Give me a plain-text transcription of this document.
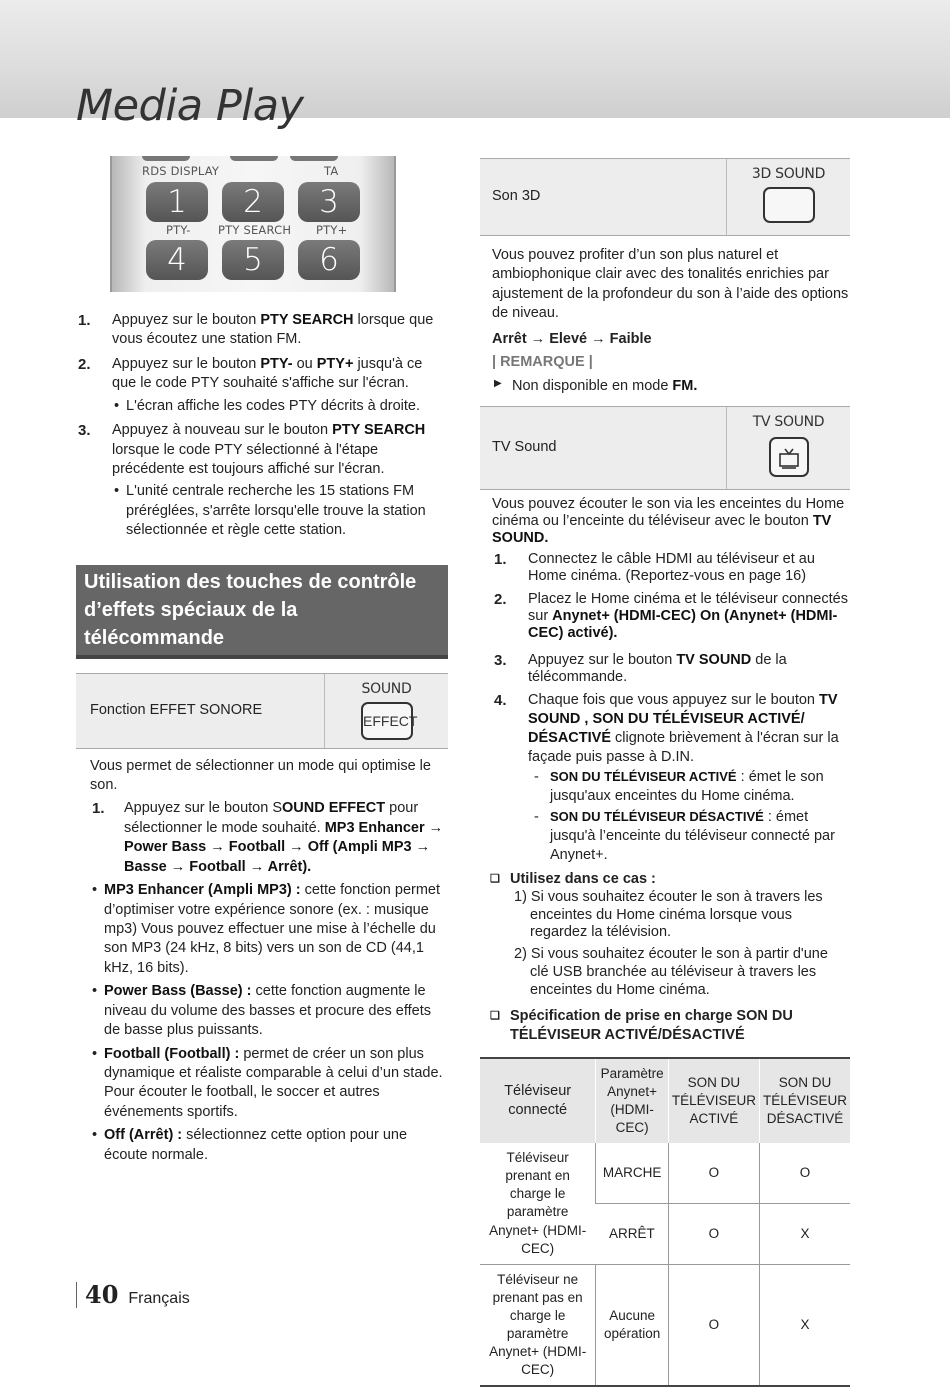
Media Play
RDS DISPLAY	TA
1	2	3
PTY- PTY SEARCH PTY+
4	5	6
1. Appuyez sur le bouton PTY SEARCH lorsque que vous écoutez une station FM.
2. Appuyez sur le bouton PTY- ou PTY+ jusqu'à ce que le code PTY souhaité s'affiche sur l'écran.
• L'écran affiche les codes PTY décrits à droite.
3. Appuyez à nouveau sur le bouton PTY SEARCH lorsque le code PTY sélectionné à l'étape précédente est toujours affiché sur l'écran.
• L'unité centrale recherche les 15 stations FM préréglées, s'arrête lorsqu'elle trouve la station sélectionnée et règle cette station.
Utilisation des touches de contrôle d’effets spéciaux de la télécommande
Fonction EFFET SONORE
SOUND
EFFECT
Vous permet de sélectionner un mode qui optimise le son.
1. Appuyez sur le bouton SOUND EFFECT pour sélectionner le mode souhaité. MP3 Enhancer → Power Bass → Football → Off (Ampli MP3 → Basse → Football → Arrêt).
• MP3 Enhancer (Ampli MP3) : cette fonction permet d’optimiser votre expérience sonore (ex. : musique mp3) Vous pouvez effectuer une mise à l’échelle du son MP3 (24 kHz, 8 bits) vers un son de CD (44,1 kHz, 16 bits).
• Power Bass (Basse) : cette fonction augmente le niveau du volume des basses et procure des effets de basse plus puissants.
• Football (Football) : permet de créer un son plus dynamique et réaliste comparable à celui d’un stade. Pour écouter le football, le soccer et autres événements sportifs.
• Off (Arrêt) : sélectionnez cette option pour une écoute normale.
Son 3D
3D SOUND
Vous pouvez profiter d’un son plus naturel et ambiophonique clair avec des tonalités enrichies par ajustement de la profondeur du son à l’aide des options de niveau.
Arrêt → Elevé → Faible
| REMARQUE |
▶ Non disponible en mode FM.
TV Sound
TV SOUND
Vous pouvez écouter le son via les enceintes du Home cinéma ou l’enceinte du téléviseur avec le bouton TV SOUND.
1. Connectez le câble HDMI au téléviseur et au Home cinéma. (Reportez-vous en page 16)
2. Placez le Home cinéma et le téléviseur connectés sur Anynet+ (HDMI-CEC) On (Anynet+ (HDMI-CEC) activé).
3. Appuyez sur le bouton TV SOUND de la télécommande.
4. Chaque fois que vous appuyez sur le bouton TV SOUND , SON DU TÉLÉVISEUR ACTIVÉ/ DÉSACTIVÉ clignote brièvement à l'écran sur la façade puis passe à D.IN.
- SON DU TÉLÉVISEUR ACTIVÉ : émet le son jusqu'aux enceintes du Home cinéma.
- SON DU TÉLÉVISEUR DÉSACTIVÉ : émet jusqu'à l’enceinte du téléviseur connecté par Anynet+.
❑ Utilisez dans ce cas :
1) Si vous souhaitez écouter le son à travers les enceintes du Home cinéma lorsque vous regardez la télévision.
2) Si vous souhaitez écouter le son à partir d'une clé USB branchée au téléviseur à travers les enceintes du Home cinéma.
❑ Spécification de prise en charge SON DU TÉLÉVISEUR ACTIVÉ/DÉSACTIVÉ
Téléviseur connecté	Paramètre Anynet+ (HDMI-CEC)	SON DU TÉLÉVISEUR ACTIVÉ	SON DU TÉLÉVISEUR DÉSACTIVÉ
Téléviseur prenant en charge le paramètre Anynet+ (HDMI-CEC)	MARCHE	O	O
	ARRÊT	O	X
Téléviseur ne prenant pas en charge le paramètre Anynet+ (HDMI-CEC)	Aucune opération	O	X
40 Français
